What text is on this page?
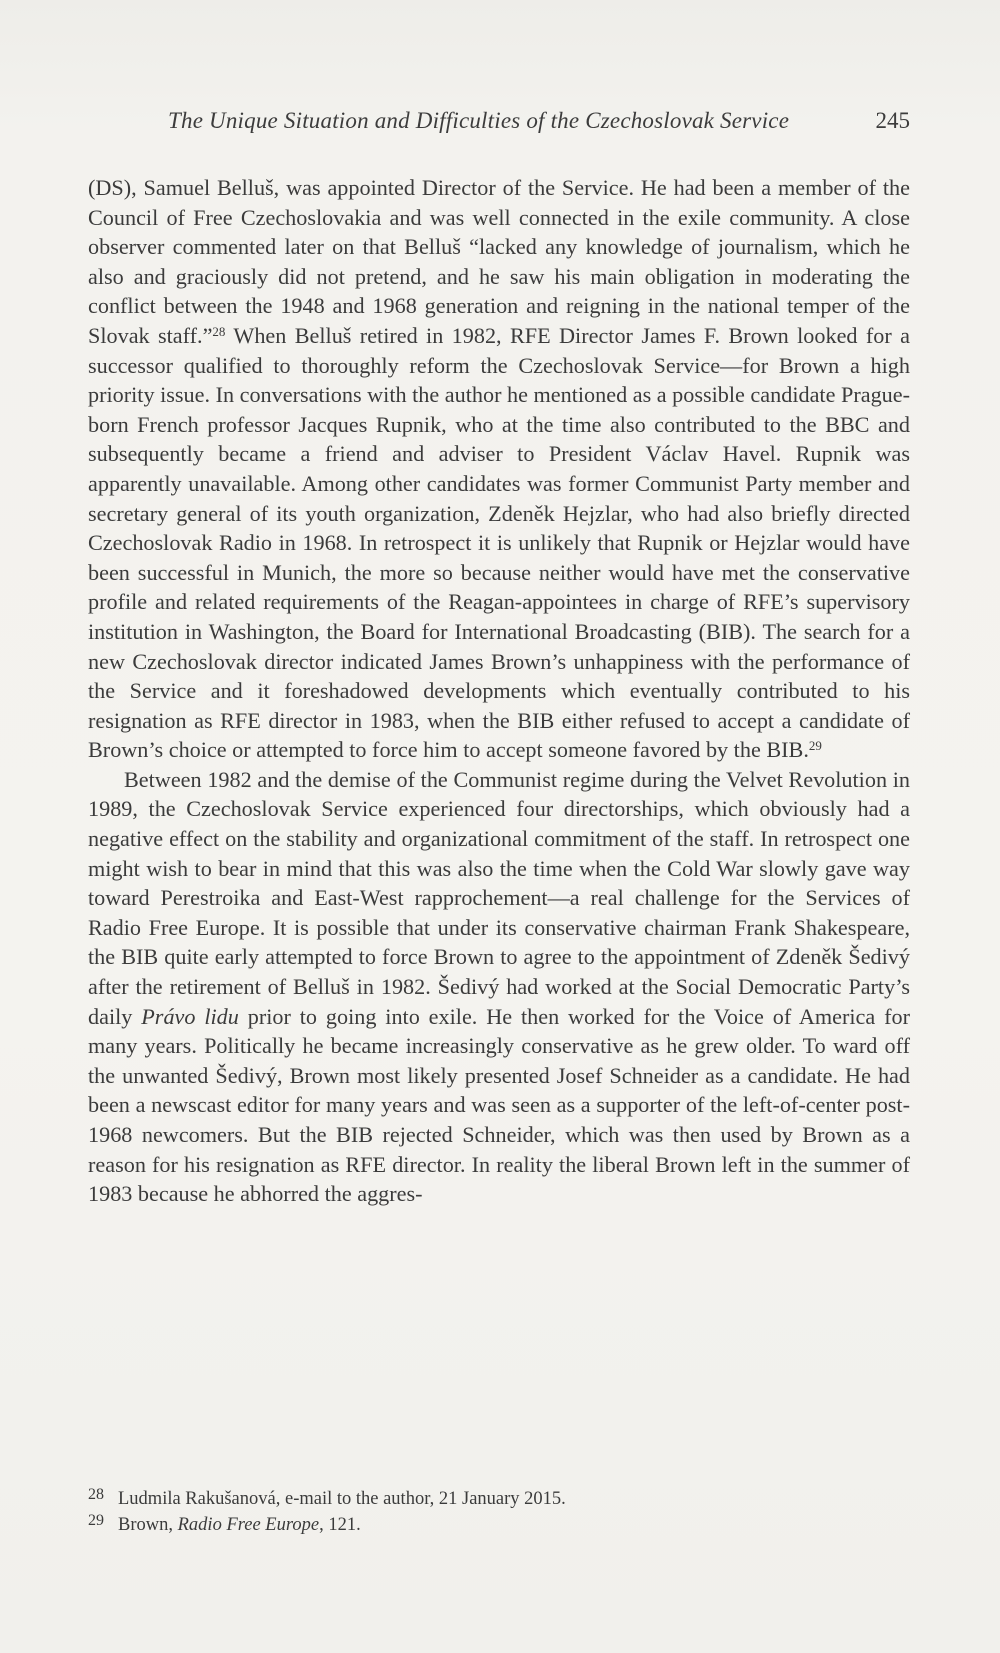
The Unique Situation and Difficulties of the Czechoslovak Service	245

(DS), Samuel Belluš, was appointed Director of the Service. He had been a member of the Council of Free Czechoslovakia and was well connected in the exile community. A close observer commented later on that Belluš “lacked any knowledge of journalism, which he also and graciously did not pretend, and he saw his main obligation in moderating the conflict between the 1948 and 1968 generation and reigning in the national temper of the Slovak staff.”$^{28}$ When Belluš retired in 1982, RFE Director James F. Brown looked for a successor qualified to thoroughly reform the Czechoslovak Service—for Brown a high priority issue. In conversations with the author he mentioned as a possible candidate Prague-born French professor Jacques Rupnik, who at the time also contributed to the BBC and subsequently became a friend and adviser to President Václav Havel. Rupnik was apparently unavailable. Among other candidates was former Communist Party member and secretary general of its youth organization, Zdeněk Hejzlar, who had also briefly directed Czechoslovak Radio in 1968. In retrospect it is unlikely that Rupnik or Hejzlar would have been successful in Munich, the more so because neither would have met the conservative profile and related requirements of the Reagan-appointees in charge of RFE’s supervisory institution in Washington, the Board for International Broadcasting (BIB). The search for a new Czechoslovak director indicated James Brown’s unhappiness with the performance of the Service and it foreshadowed developments which eventually contributed to his resignation as RFE director in 1983, when the BIB either refused to accept a candidate of Brown’s choice or attempted to force him to accept someone favored by the BIB.$^{29}$

Between 1982 and the demise of the Communist regime during the Velvet Revolution in 1989, the Czechoslovak Service experienced four directorships, which obviously had a negative effect on the stability and organizational commitment of the staff. In retrospect one might wish to bear in mind that this was also the time when the Cold War slowly gave way toward Perestroika and East-West rapprochement—a real challenge for the Services of Radio Free Europe. It is possible that under its conservative chairman Frank Shakespeare, the BIB quite early attempted to force Brown to agree to the appointment of Zdeněk Šedivý after the retirement of Belluš in 1982. Šedivý had worked at the Social Democratic Party’s daily Právo lidu prior to going into exile. He then worked for the Voice of America for many years. Politically he became increasingly conservative as he grew older. To ward off the unwanted Šedivý, Brown most likely presented Josef Schneider as a candidate. He had been a newscast editor for many years and was seen as a supporter of the left-of-center post-1968 newcomers. But the BIB rejected Schneider, which was then used by Brown as a reason for his resignation as RFE director. In reality the liberal Brown left in the summer of 1983 because he abhorred the aggres-

28 Ludmila Rakušanová, e-mail to the author, 21 January 2015.
29 Brown, Radio Free Europe, 121.
